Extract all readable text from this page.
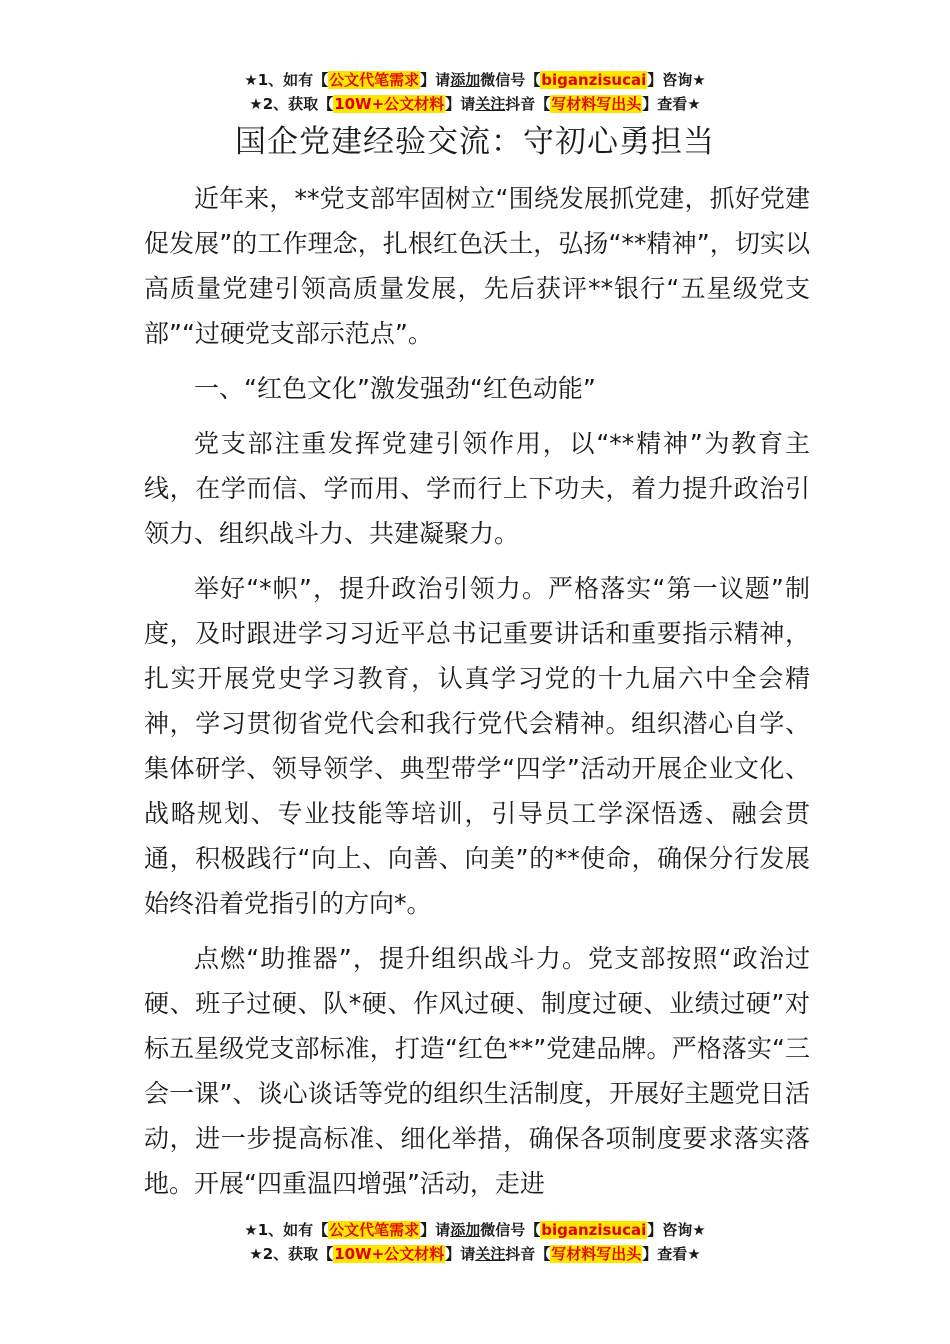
★1、如有【公文代笔需求】请添加微信号【biganzisucai】咨询★
★2、获取【10W+公文材料】请关注抖音【写材料写出头】查看★
国企党建经验交流：守初心勇担当

近年来，**党支部牢固树立“围绕发展抓党建，抓好党建促发展”的工作理念，扎根红色沃土，弘扬“**精神”，切实以高质量党建引领高质量发展，先后获评**银行“五星级党支部”“过硬党支部示范点”。

一、“红色文化”激发强劲“红色动能”

党支部注重发挥党建引领作用，以“**精神”为教育主线，在学而信、学而用、学而行上下功夫，着力提升政治引领力、组织战斗力、共建凝聚力。

举好“*帜”，提升政治引领力。严格落实“第一议题”制度，及时跟进学习习近平总书记重要讲话和重要指示精神，扎实开展党史学习教育，认真学习党的十九届六中全会精神，学习贯彻省党代会和我行党代会精神。组织潜心自学、集体研学、领导领学、典型带学“四学”活动开展企业文化、战略规划、专业技能等培训，引导员工学深悟透、融会贯通，积极践行“向上、向善、向美”的**使命，确保分行发展始终沿着党指引的方向*。

点燃“助推器”，提升组织战斗力。党支部按照“政治过硬、班子过硬、队*硬、作风过硬、制度过硬、业绩过硬”对标五星级党支部标准，打造“红色**”党建品牌。严格落实“三会一课”、谈心谈话等党的组织生活制度，开展好主题党日活动，进一步提高标准、细化举措，确保各项制度要求落实落地。开展“四重温四增强”活动，走进

★1、如有【公文代笔需求】请添加微信号【biganzisucai】咨询★
★2、获取【10W+公文材料】请关注抖音【写材料写出头】查看★
